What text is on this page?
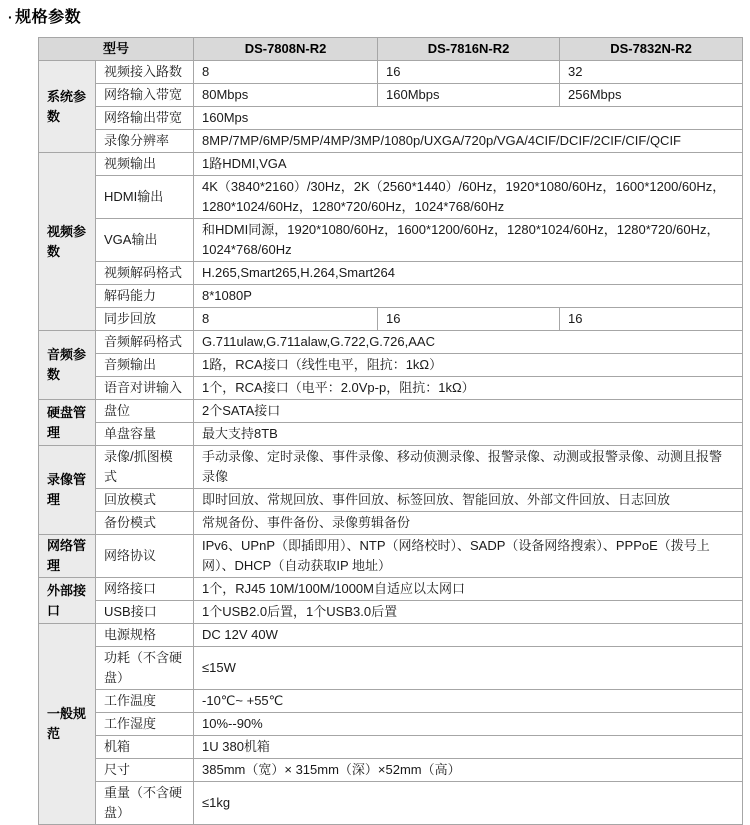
· 规格参数
型号		DS-7808N-R2	DS-7816N-R2	DS-7832N-R2
系统参数	视频接入路数	8	16	32
	网络输入带宽	80Mbps	160Mbps	256Mbps
	网络输出带宽	160Mps		
	录像分辨率	8MP/7MP/6MP/5MP/4MP/3MP/1080p/UXGA/720p/VGA/4CIF/DCIF/2CIF/CIF/QCIF		
视频参数	视频输出	1路HDMI,VGA		
	HDMI输出	4K（3840*2160）/30Hz，2K（2560*1440）/60Hz，1920*1080/60Hz，1600*1200/60Hz，1280*1024/60Hz，1280*720/60Hz，1024*768/60Hz		
	VGA输出	和HDMI同源，1920*1080/60Hz，1600*1200/60Hz，1280*1024/60Hz，1280*720/60Hz，1024*768/60Hz		
	视频解码格式	H.265,Smart265,H.264,Smart264		
	解码能力	8*1080P		
	同步回放	8	16	16
音频参数	音频解码格式	G.711ulaw,G.711alaw,G.722,G.726,AAC		
	音频输出	1路，RCA接口（线性电平，阻抗：1kΩ）		
	语音对讲输入	1个，RCA接口（电平：2.0Vp-p，阻抗：1kΩ）		
硬盘管理	盘位	2个SATA接口		
	单盘容量	最大支持8TB		
录像管理	录像/抓图模式	手动录像、定时录像、事件录像、移动侦测录像、报警录像、动测或报警录像、动测且报警录像		
	回放模式	即时回放、常规回放、事件回放、标签回放、智能回放、外部文件回放、日志回放		
	备份模式	常规备份、事件备份、录像剪辑备份		
网络管理	网络协议	IPv6、UPnP（即插即用）、NTP（网络校时）、SADP（设备网络搜索）、PPPoE（拨号上网）、DHCP（自动获取IP 地址）		
外部接口	网络接口	1个，RJ45 10M/100M/1000M自适应以太网口		
	USB接口	1个USB2.0后置，1个USB3.0后置		
一般规范	电源规格	DC 12V 40W		
	功耗（不含硬盘）	≤15W		
	工作温度	-10℃~ +55℃		
	工作湿度	10%--90%		
	机箱	1U 380机箱		
	尺寸	385mm（宽）× 315mm（深）×52mm（高）		
	重量（不含硬盘）	≤1kg		
